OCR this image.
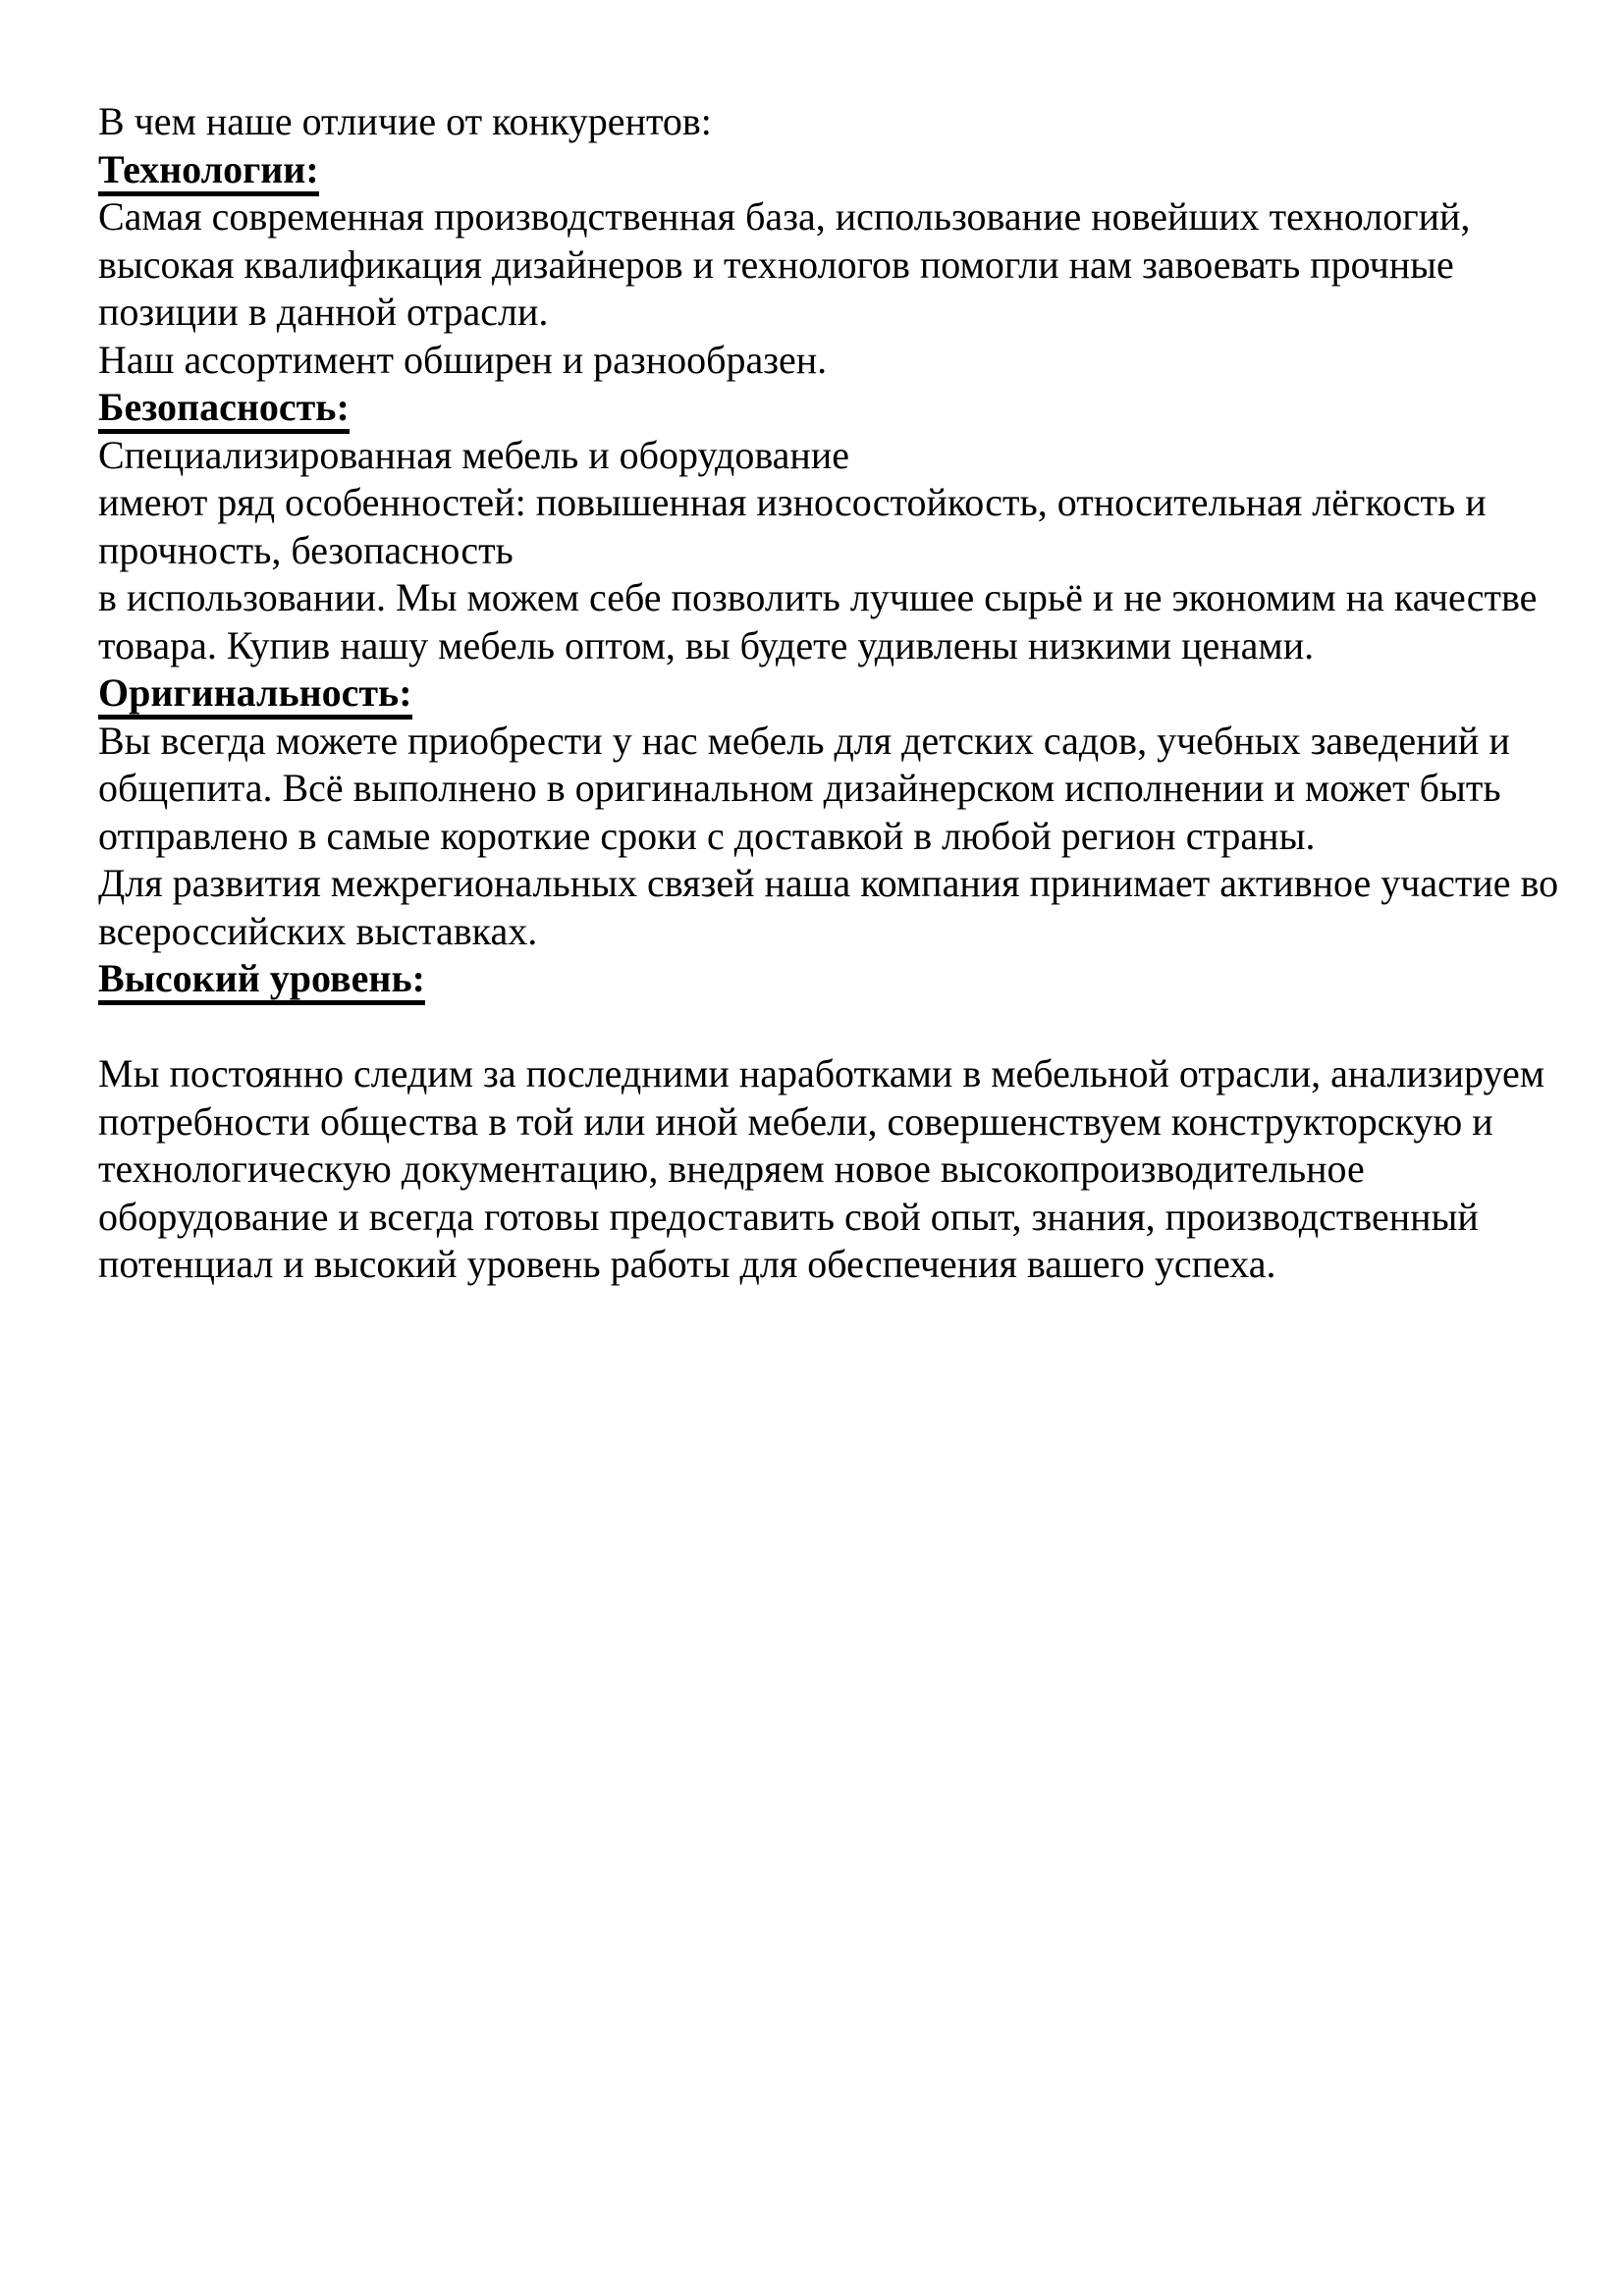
В чем наше отличие от конкурентов:
Технологии:
Самая современная производственная база, использование новейших технологий,
высокая квалификация дизайнеров и технологов помогли нам завоевать прочные
позиции в данной отрасли.
Наш ассортимент обширен и разнообразен.
Безопасность:
Специализированная мебель и оборудование
имеют ряд особенностей: повышенная износостойкость, относительная лёгкость и
прочность, безопасность
в использовании. Мы можем себе позволить лучшее сырьё и не экономим на качестве
товара. Купив нашу мебель оптом, вы будете удивлены низкими ценами.
Оригинальность:
Вы всегда можете приобрести у нас мебель для детских садов, учебных заведений и
общепита. Всё выполнено в оригинальном дизайнерском исполнении и может быть
отправлено в самые короткие сроки с доставкой в любой регион страны.
Для развития межрегиональных связей наша компания принимает активное участие во
всероссийских выставках.
Высокий уровень:

Мы постоянно следим за последними наработками в мебельной отрасли, анализируем
потребности общества в той или иной мебели, совершенствуем конструкторскую и
технологическую документацию, внедряем новое высокопроизводительное
оборудование и всегда готовы предоставить свой опыт, знания, производственный
потенциал и высокий уровень работы для обеспечения вашего успеха.
